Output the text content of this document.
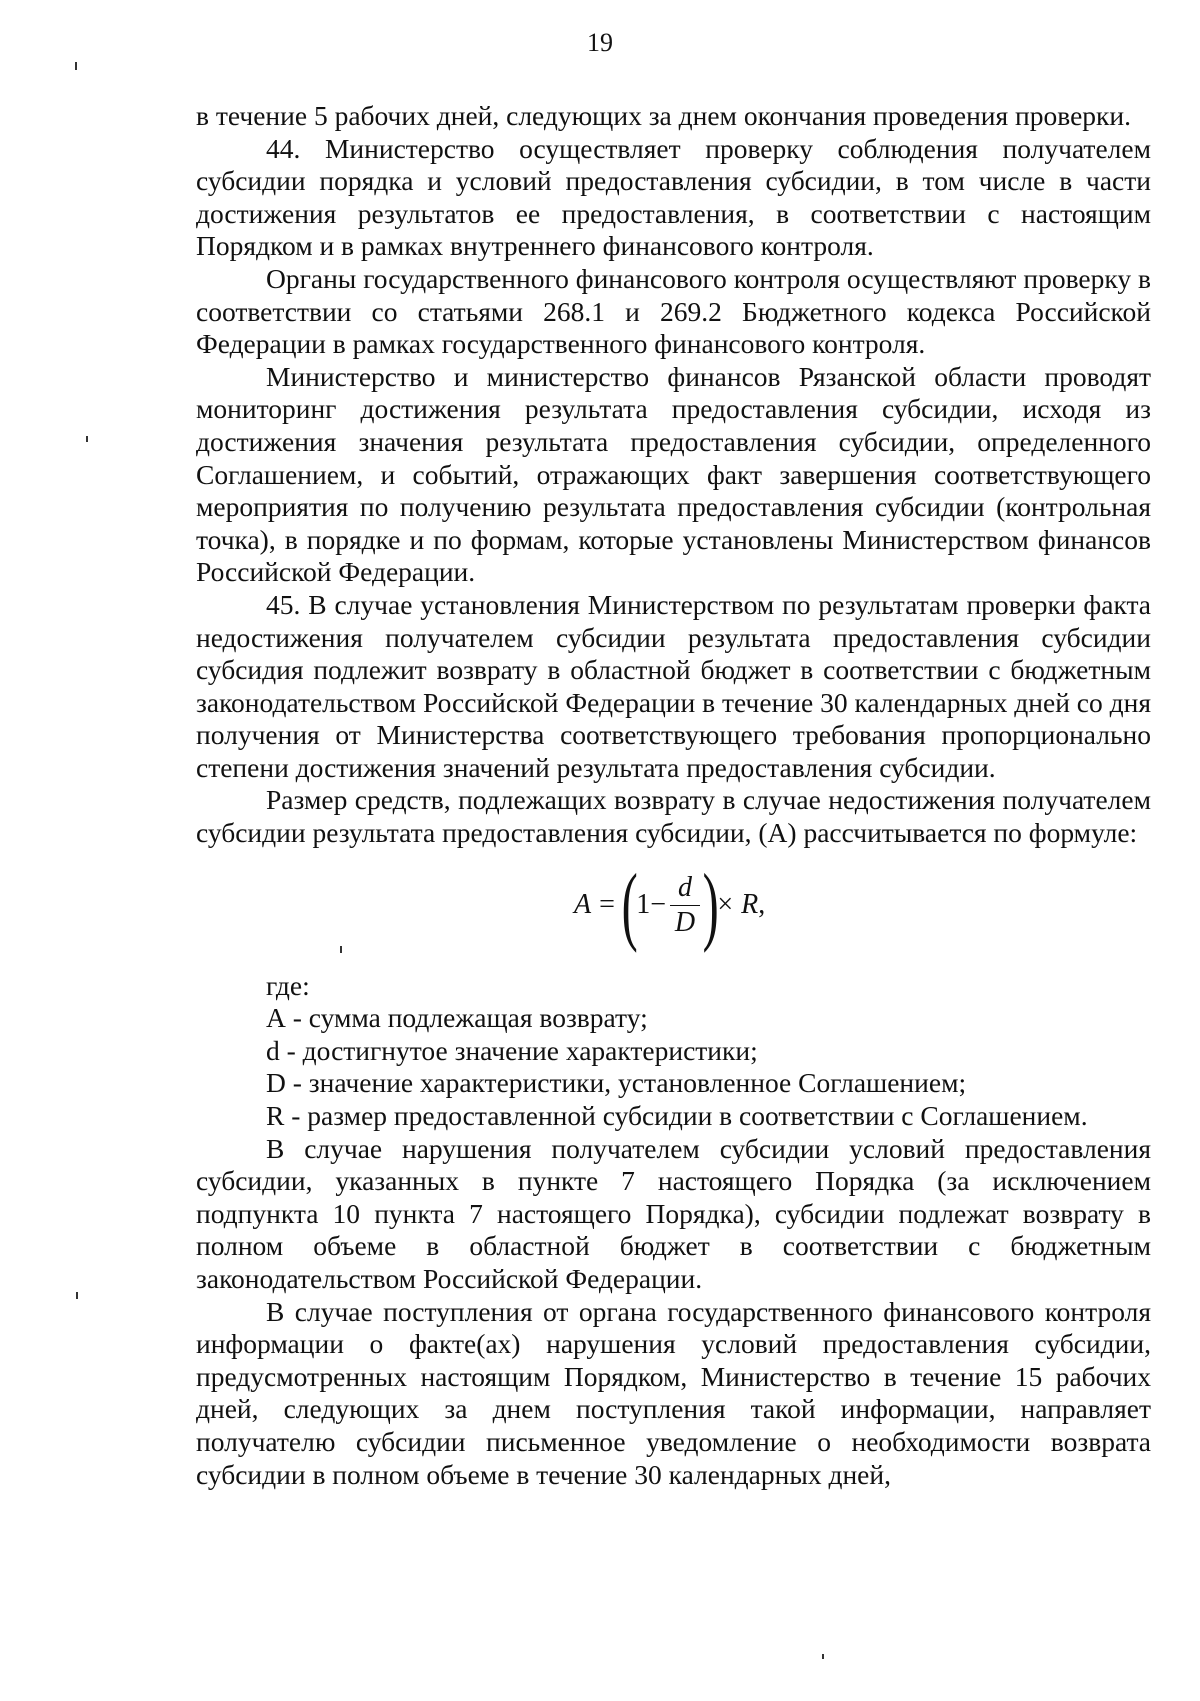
19

в течение 5 рабочих дней, следующих за днем окончания проведения проверки.

44. Министерство осуществляет проверку соблюдения получателем субсидии порядка и условий предоставления субсидии, в том числе в части достижения результатов ее предоставления, в соответствии с настоящим Порядком и в рамках внутреннего финансового контроля.

Органы государственного финансового контроля осуществляют проверку в соответствии со статьями 268.1 и 269.2 Бюджетного кодекса Российской Федерации в рамках государственного финансового контроля.

Министерство и министерство финансов Рязанской области проводят мониторинг достижения результата предоставления субсидии, исходя из достижения значения результата предоставления субсидии, определенного Соглашением, и событий, отражающих факт завершения соответствующего мероприятия по получению результата предоставления субсидии (контрольная точка), в порядке и по формам, которые установлены Министерством финансов Российской Федерации.

45. В случае установления Министерством по результатам проверки факта недостижения получателем субсидии результата предоставления субсидии субсидия подлежит возврату в областной бюджет в соответствии с бюджетным законодательством Российской Федерации в течение 30 календарных дней со дня получения от Министерства соответствующего требования пропорционально степени достижения значений результата предоставления субсидии.

Размер средств, подлежащих возврату в случае недостижения получателем субсидии результата предоставления субсидии, (А) рассчитывается по формуле:

A = (
$1 - \frac{d}{D}$ )
× R ,

где:

А - сумма подлежащая возврату;

d - достигнутое значение характеристики;

D - значение характеристики, установленное Соглашением;

R - размер предоставленной субсидии в соответствии с Соглашением.

В случае нарушения получателем субсидии условий предоставления субсидии, указанных в пункте 7 настоящего Порядка (за исключением подпункта 10 пункта 7 настоящего Порядка), субсидии подлежат возврату в полном объеме в областной бюджет в соответствии с бюджетным законодательством Российской Федерации.

В случае поступления от органа государственного финансового контроля информации о факте(ах) нарушения условий предоставления субсидии, предусмотренных настоящим Порядком, Министерство в течение 15 рабочих дней, следующих за днем поступления такой информации, направляет получателю субсидии письменное уведомление о необходимости возврата субсидии в полном объеме в течение 30 календарных дней,
